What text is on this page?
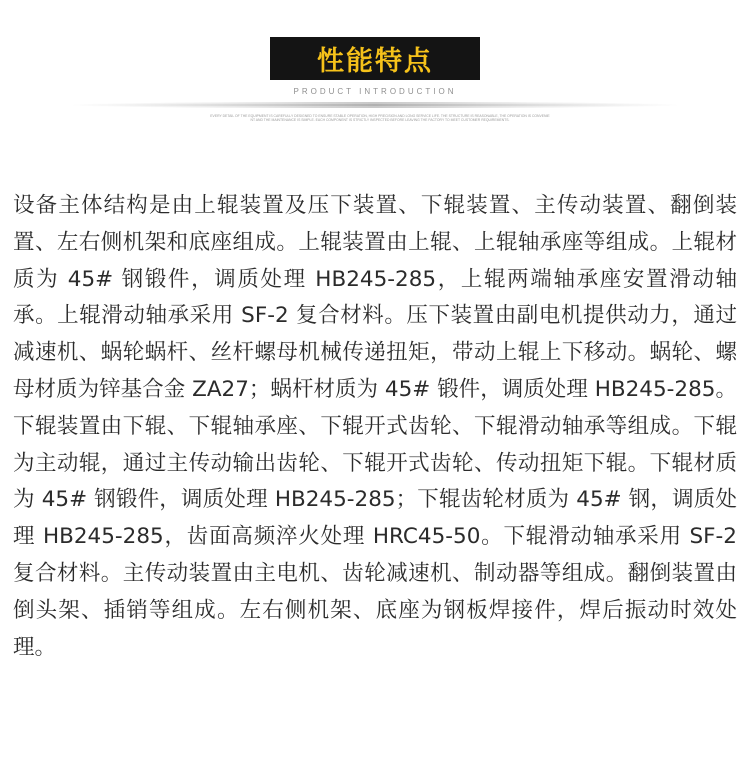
性能特点
PRODUCT INTRODUCTION
EVERY DETAIL OF THE EQUIPMENT IS CAREFULLY DESIGNED TO ENSURE STABLE OPERATION, HIGH PRECISION AND LONG SERVICE LIFE. THE STRUCTURE IS REASONABLE, THE OPERATION IS CONVENIENT AND THE MAINTENANCE IS SIMPLE. EACH COMPONENT IS STRICTLY INSPECTED BEFORE LEAVING THE FACTORY TO MEET CUSTOMER REQUIREMENTS.

设备主体结构是由上辊装置及压下装置、下辊装置、主传动装置、翻倒装置、左右侧机架和底座组成。上辊装置由上辊、上辊轴承座等组成。上辊材质为 45# 钢锻件，调质处理 HB245-285，上辊两端轴承座安置滑动轴承。上辊滑动轴承采用 SF-2 复合材料。压下装置由副电机提供动力，通过减速机、蜗轮蜗杆、丝杆螺母机械传递扭矩，带动上辊上下移动。蜗轮、螺母材质为锌基合金 ZA27；蜗杆材质为 45# 锻件，调质处理 HB245-285。下辊装置由下辊、下辊轴承座、下辊开式齿轮、下辊滑动轴承等组成。下辊为主动辊，通过主传动输出齿轮、下辊开式齿轮、传动扭矩下辊。下辊材质为 45# 钢锻件，调质处理 HB245-285；下辊齿轮材质为 45# 钢，调质处理 HB245-285，齿面高频淬火处理 HRC45-50。下辊滑动轴承采用 SF-2 复合材料。主传动装置由主电机、齿轮减速机、制动器等组成。翻倒装置由倒头架、插销等组成。左右侧机架、底座为钢板焊接件，焊后振动时效处理。
